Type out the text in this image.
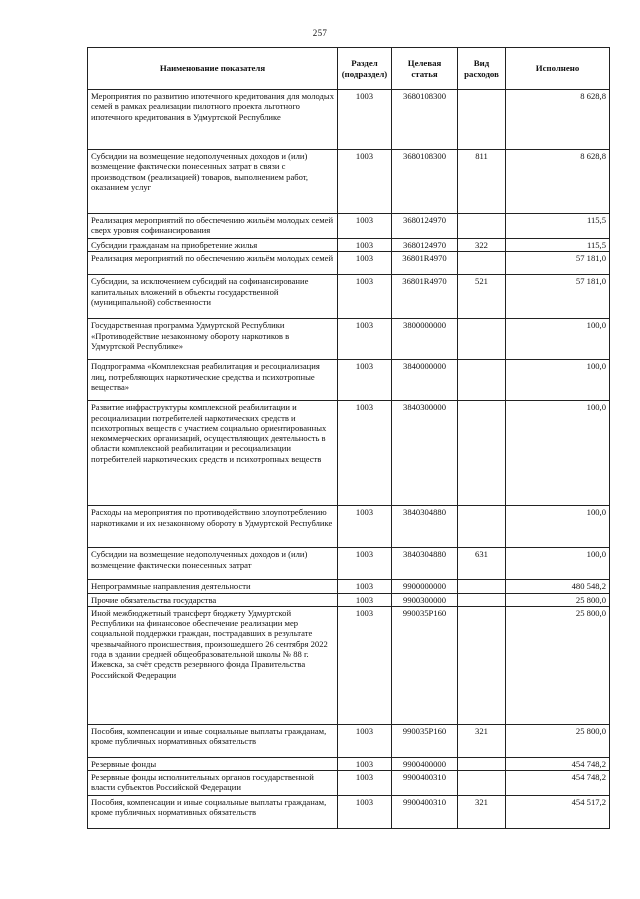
257
Наименование показателя	Раздел (подраздел)	Целевая статья	Вид расходов	Исполнено
Мероприятия по развитию ипотечного кредитования для молодых семей в рамках реализации пилотного проекта льготного ипотечного кредитования в Удмуртской Республике	1003	3680108300		8 628,8
Субсидии на возмещение недополученных доходов и (или) возмещение фактически понесенных затрат в связи с производством (реализацией) товаров, выполнением работ, оказанием услуг	1003	3680108300	811	8 628,8
Реализация мероприятий по обеспечению жильём молодых семей сверх уровня софинансирования	1003	3680124970		115,5
Субсидии гражданам на приобретение жилья	1003	3680124970	322	115,5
Реализация мероприятий по обеспечению жильём молодых семей	1003	36801R4970		57 181,0
Субсидии, за исключением субсидий на софинансирование капитальных вложений в объекты государственной (муниципальной) собственности	1003	36801R4970	521	57 181,0
Государственная программа Удмуртской Республики «Противодействие незаконному обороту наркотиков в Удмуртской Республике»	1003	3800000000		100,0
Подпрограмма «Комплексная реабилитация и ресоциализация лиц, потребляющих наркотические средства и психотропные вещества»	1003	3840000000		100,0
Развитие инфраструктуры комплексной реабилитации и ресоциализации потребителей наркотических средств и психотропных веществ с участием социально ориентированных некоммерческих организаций, осуществляющих деятельность в области комплексной реабилитации и ресоциализации потребителей наркотических средств и психотропных веществ	1003	3840300000		100,0
Расходы на мероприятия по противодействию злоупотреблению наркотиками и их незаконному обороту в Удмуртской Республике	1003	3840304880		100,0
Субсидии на возмещение недополученных доходов и (или) возмещение фактически понесенных затрат	1003	3840304880	631	100,0
Непрограммные направления деятельности	1003	9900000000		480 548,2
Прочие обязательства государства	1003	9900300000		25 800,0
Иной межбюджетный трансферт бюджету Удмуртской Республики на финансовое обеспечение реализации мер социальной поддержки граждан, пострадавших в результате чрезвычайного происшествия, произошедшего 26 сентября 2022 года в здании средней общеобразовательной школы № 88 г. Ижевска, за счёт средств резервного фонда Правительства Российской Федерации	1003	990035Р160		25 800,0
Пособия, компенсации и иные социальные выплаты гражданам, кроме публичных нормативных обязательств	1003	990035Р160	321	25 800,0
Резервные фонды	1003	9900400000		454 748,2
Резервные фонды исполнительных органов государственной власти субъектов Российской Федерации	1003	9900400310		454 748,2
Пособия, компенсации и иные социальные выплаты гражданам, кроме публичных нормативных обязательств	1003	9900400310	321	454 517,2
